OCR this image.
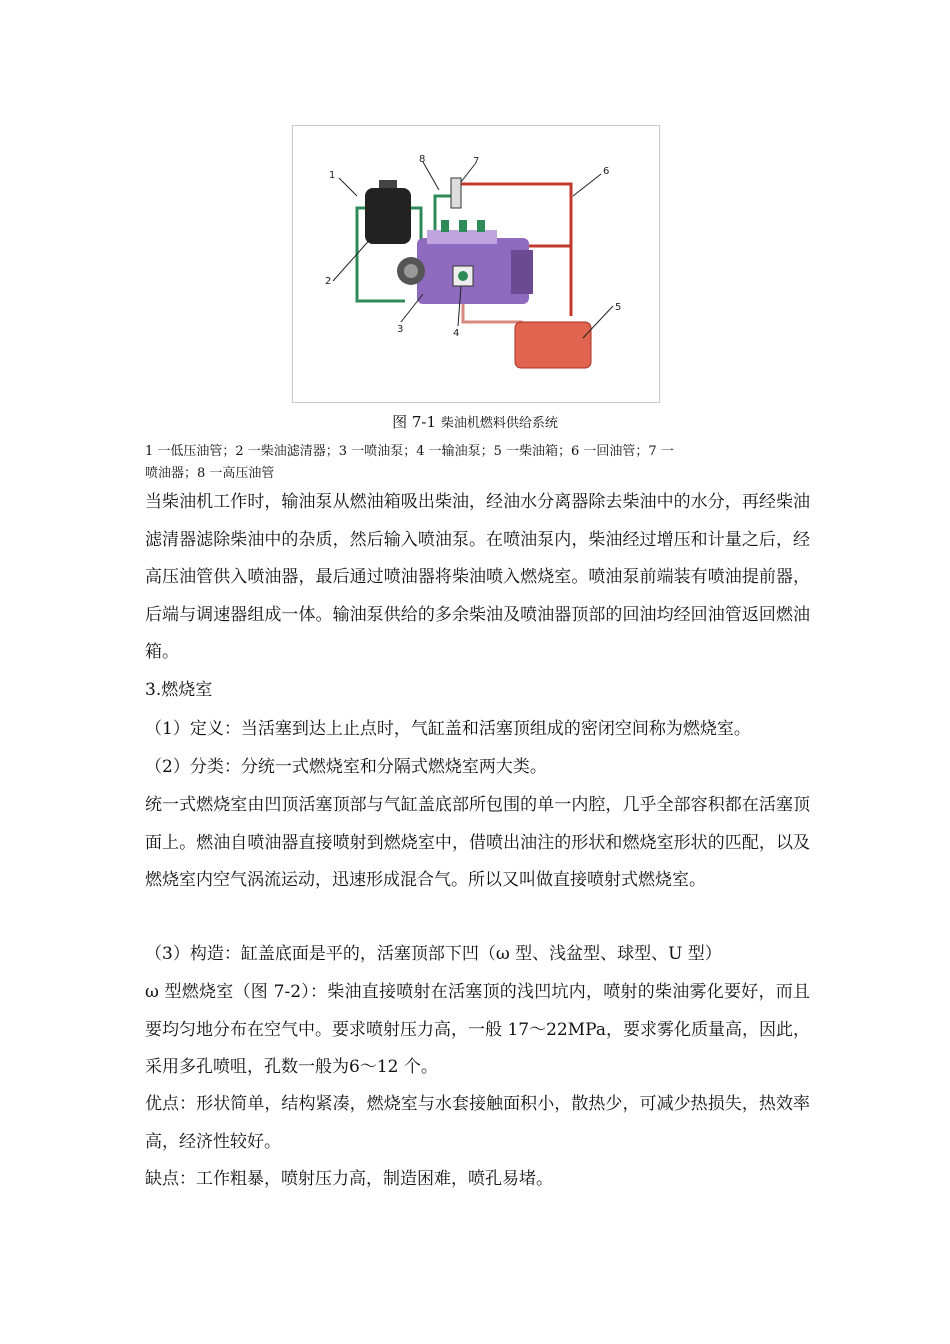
1
2
3	4
5
6
7
8
图 7-1 柴油机燃料供给系统
1 一低压油管；2 一柴油滤清器；3 一喷油泵；4 一输油泵；5 一柴油箱；6 一回油管；7 一
喷油器；8 一高压油管
当柴油机工作时，输油泵从燃油箱吸出柴油，经油水分离器除去柴油中的水分，再经柴油滤清器滤除柴油中的杂质，然后输入喷油泵。在喷油泵内，柴油经过增压和计量之后，经高压油管供入喷油器，最后通过喷油器将柴油喷入燃烧室。喷油泵前端装有喷油提前器，后端与调速器组成一体。输油泵供给的多余柴油及喷油器顶部的回油均经回油管返回燃油箱。
3.燃烧室
（1）定义：当活塞到达上止点时，气缸盖和活塞顶组成的密闭空间称为燃烧室。
（2）分类：分统一式燃烧室和分隔式燃烧室两大类。
统一式燃烧室由凹顶活塞顶部与气缸盖底部所包围的单一内腔，几乎全部容积都在活塞顶面上。燃油自喷油器直接喷射到燃烧室中，借喷出油注的形状和燃烧室形状的匹配，以及燃烧室内空气涡流运动，迅速形成混合气。所以又叫做直接喷射式燃烧室。
（3）构造：缸盖底面是平的，活塞顶部下凹（ω 型、浅盆型、球型、U 型）
ω 型燃烧室（图 7-2）：柴油直接喷射在活塞顶的浅凹坑内，喷射的柴油雾化要好，而且要均匀地分布在空气中。要求喷射压力高，一般 17～22MPa，要求雾化质量高，因此，采用多孔喷咀，孔数一般为6～12 个。
优点：形状简单，结构紧凑，燃烧室与水套接触面积小，散热少，可减少热损失，热效率高，经济性较好。
缺点：工作粗暴，喷射压力高，制造困难，喷孔易堵。
